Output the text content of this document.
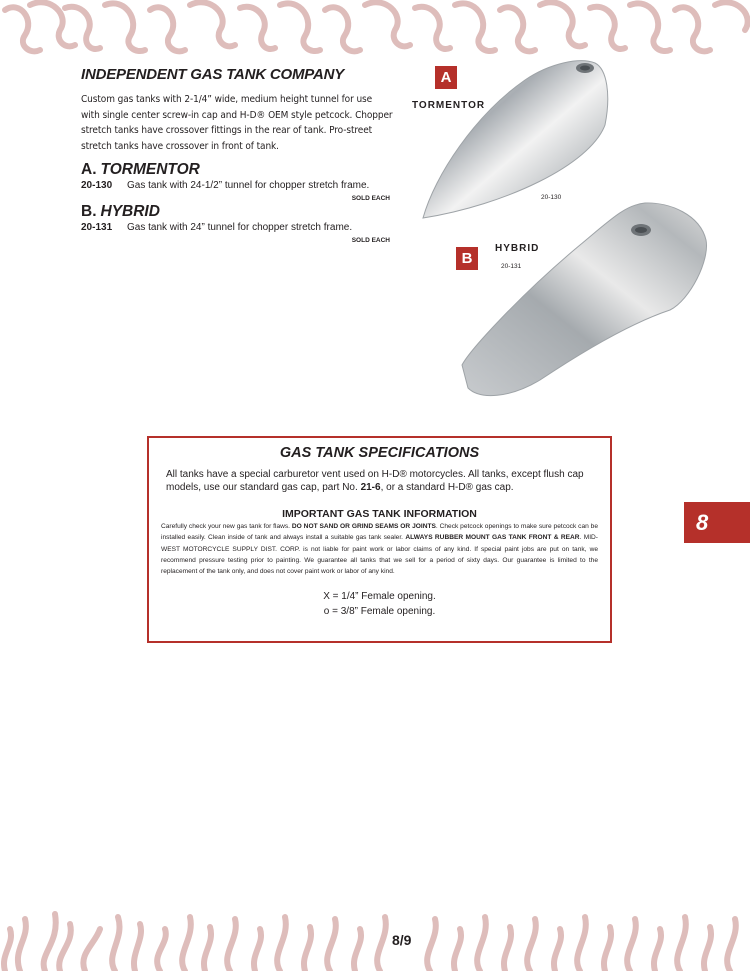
INDEPENDENT GAS TANK COMPANY

Custom gas tanks with 2-1/4” wide, medium height tunnel for use with single center screw-in cap and H-D® OEM style petcock. Chopper stretch tanks have crossover fittings in the rear of tank. Pro-street stretch tanks have crossover in front of tank.

A. TORMENTOR
20-130	Gas tank with 24-1/2” tunnel for chopper stretch frame.
SOLD EACH
B. HYBRID
20-131	Gas tank with 24” tunnel for chopper stretch frame.
SOLD EACH
A
TORMENTOR
20-130
B
HYBRID
20-131
GAS TANK SPECIFICATIONS
All tanks have a special carburetor vent used on H-D® motorcycles. All tanks, except flush cap models, use our standard gas cap, part No. 21-6, or a standard H-D® gas cap.
IMPORTANT GAS TANK INFORMATION
Carefully check your new gas tank for flaws. DO NOT SAND OR GRIND SEAMS OR JOINTS. Check petcock openings to make sure petcock can be installed easily. Clean inside of tank and always install a suitable gas tank sealer. ALWAYS RUBBER MOUNT GAS TANK FRONT & REAR. MID-WEST MOTORCYCLE SUPPLY DIST. CORP. is not liable for paint work or labor claims of any kind. If special paint jobs are put on tank, we recommend pressure testing prior to painting. We guarantee all tanks that we sell for a period of sixty days. Our guarantee is limited to the replacement of the tank only, and does not cover paint work or labor of any kind.
X = 1/4” Female opening.
o = 3/8” Female opening.
8
8/9
